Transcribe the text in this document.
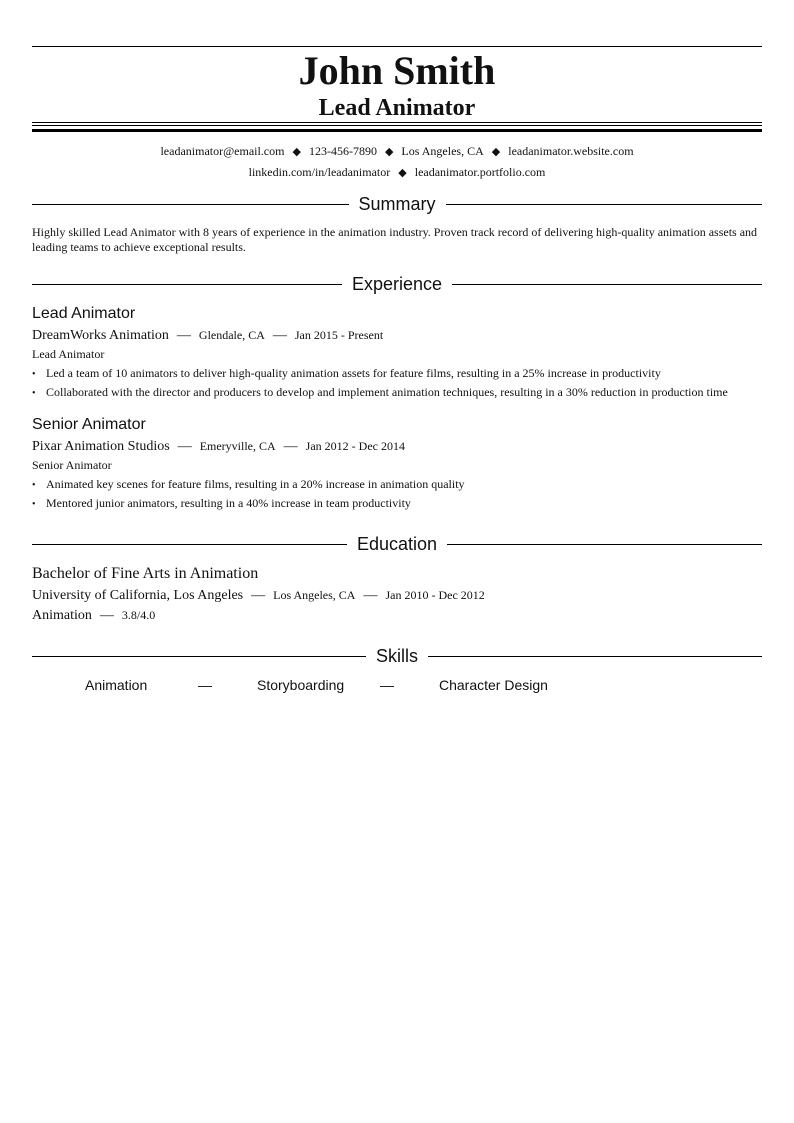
John Smith
Lead Animator
leadanimator@email.com ◆ 123-456-7890 ◆ Los Angeles, CA ◆ leadanimator.website.com
linkedin.com/in/leadanimator ◆ leadanimator.portfolio.com
Summary
Highly skilled Lead Animator with 8 years of experience in the animation industry. Proven track record of delivering high-quality animation assets and leading teams to achieve exceptional results.
Experience
Lead Animator
DreamWorks Animation — Glendale, CA — Jan 2015 - Present
Lead Animator
• Led a team of 10 animators to deliver high-quality animation assets for feature films, resulting in a 25% increase in productivity
• Collaborated with the director and producers to develop and implement animation techniques, resulting in a 30% reduction in production time
Senior Animator
Pixar Animation Studios — Emeryville, CA — Jan 2012 - Dec 2014
Senior Animator
• Animated key scenes for feature films, resulting in a 20% increase in animation quality
• Mentored junior animators, resulting in a 40% increase in team productivity
Education
Bachelor of Fine Arts in Animation
University of California, Los Angeles — Los Angeles, CA — Jan 2010 - Dec 2012
Animation — 3.8/4.0
Skills
Animation	—	Storyboarding	—	Character Design
